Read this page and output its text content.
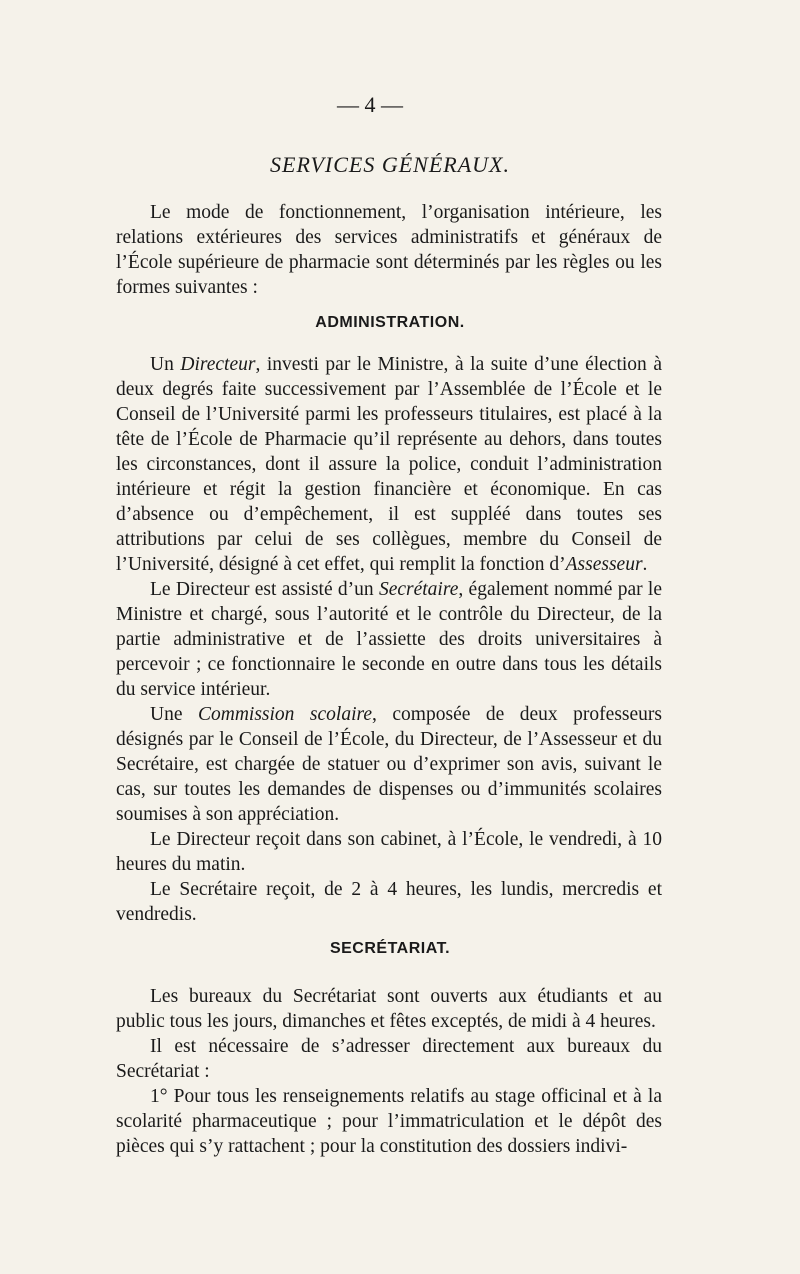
— 4 —
SERVICES GÉNÉRAUX.

Le mode de fonctionnement, l’organisation intérieure, les relations extérieures des services administratifs et généraux de l’École supérieure de pharmacie sont déterminés par les règles ou les formes suivantes :

ADMINISTRATION.

Un Directeur, investi par le Ministre, à la suite d’une élection à deux degrés faite successivement par l’Assemblée de l’École et le Conseil de l’Université parmi les professeurs titulaires, est placé à la tête de l’École de Pharmacie qu’il représente au dehors, dans toutes les circonstances, dont il assure la police, conduit l’administration intérieure et régit la gestion financière et économique. En cas d’absence ou d’empêchement, il est suppléé dans toutes ses attributions par celui de ses collègues, membre du Conseil de l’Université, désigné à cet effet, qui remplit la fonction d’Assesseur.

Le Directeur est assisté d’un Secrétaire, également nommé par le Ministre et chargé, sous l’autorité et le contrôle du Directeur, de la partie administrative et de l’assiette des droits universitaires à percevoir ; ce fonctionnaire le seconde en outre dans tous les détails du service intérieur.

Une Commission scolaire, composée de deux professeurs désignés par le Conseil de l’École, du Directeur, de l’Assesseur et du Secrétaire, est chargée de statuer ou d’exprimer son avis, suivant le cas, sur toutes les demandes de dispenses ou d’immunités scolaires soumises à son appréciation.

Le Directeur reçoit dans son cabinet, à l’École, le vendredi, à 10 heures du matin.

Le Secrétaire reçoit, de 2 à 4 heures, les lundis, mercredis et vendredis.

SECRÉTARIAT.

Les bureaux du Secrétariat sont ouverts aux étudiants et au public tous les jours, dimanches et fêtes exceptés, de midi à 4 heures.

Il est nécessaire de s’adresser directement aux bureaux du Secrétariat :

1° Pour tous les renseignements relatifs au stage officinal et à la scolarité pharmaceutique ; pour l’immatriculation et le dépôt des pièces qui s’y rattachent ; pour la constitution des dossiers indivi-
